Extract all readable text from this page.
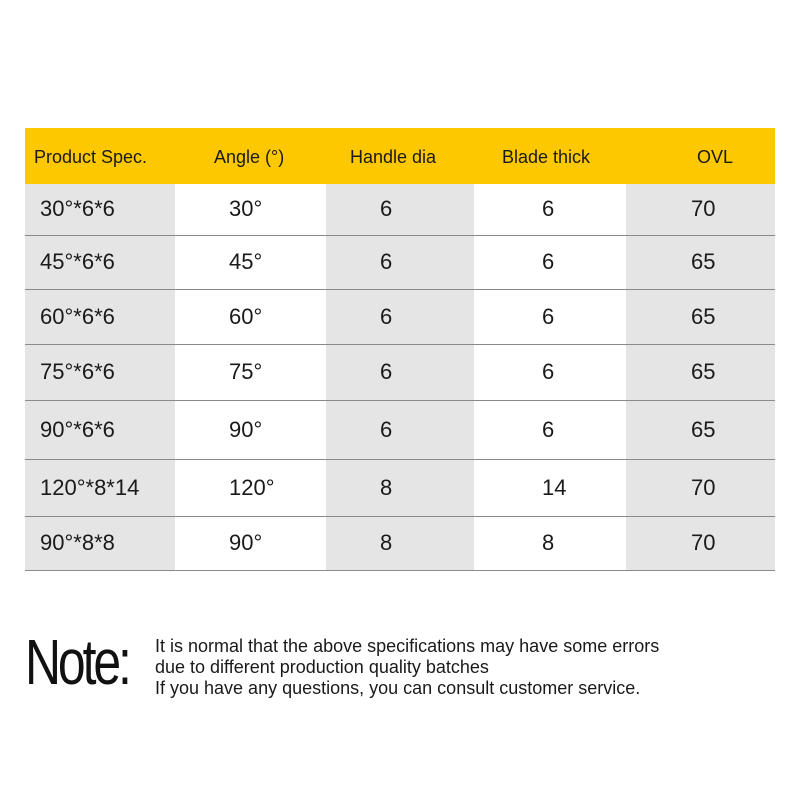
Product Spec.	Angle (°)	Handle dia	Blade thick	OVL

30°*6*6	30°	6	6	70
45°*6*6	45°	6	6	65
60°*6*6	60°	6	6	65
75°*6*6	75°	6	6	65
90°*6*6	90°	6	6	65
120°*8*14	120°	8	14	70
90°*8*8	90°	8	8	70
Note: It is normal that the above specifications may have some errors
due to different production quality batches
If you have any questions, you can consult customer service.
